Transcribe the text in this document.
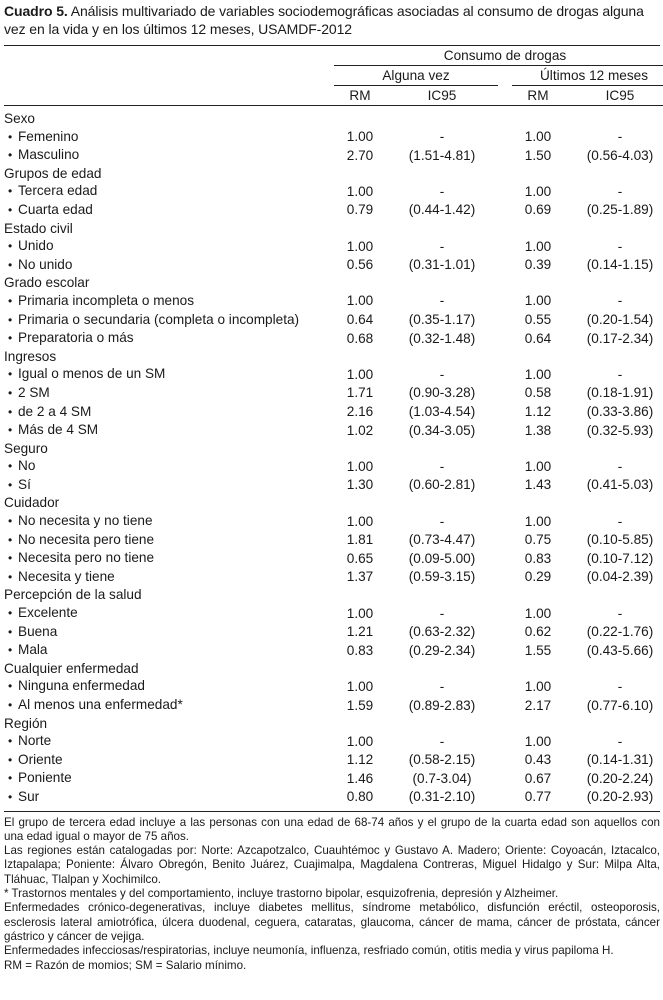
Cuadro 5. Análisis multivariado de variables sociodemográficas asociadas al consumo de drogas alguna vez en la vida y en los últimos 12 meses, USAMDF-2012

	Consumo de drogas				

	Alguna vez			Últimos 12 meses	

	RM	IC95		RM	IC95

Sexo					
• Femenino	1.00	-		1.00	-
• Masculino	2.70	(1.51-4.81)		1.50	(0.56-4.03)
Grupos de edad					
• Tercera edad	1.00	-		1.00	-
• Cuarta edad	0.79	(0.44-1.42)		0.69	(0.25-1.89)
Estado civil					
• Unido	1.00	-		1.00	-
• No unido	0.56	(0.31-1.01)		0.39	(0.14-1.15)
Grado escolar					
• Primaria incompleta o menos	1.00	-		1.00	-
• Primaria o secundaria (completa o incompleta)	0.64	(0.35-1.17)		0.55	(0.20-1.54)
• Preparatoria o más	0.68	(0.32-1.48)		0.64	(0.17-2.34)
Ingresos					
• Igual o menos de un SM	1.00	-		1.00	-
• 2 SM	1.71	(0.90-3.28)		0.58	(0.18-1.91)
• de 2 a 4 SM	2.16	(1.03-4.54)		1.12	(0.33-3.86)
• Más de 4 SM	1.02	(0.34-3.05)		1.38	(0.32-5.93)
Seguro					
• No	1.00	-		1.00	-
• Sí	1.30	(0.60-2.81)		1.43	(0.41-5.03)
Cuidador					
• No necesita y no tiene	1.00	-		1.00	-
• No necesita pero tiene	1.81	(0.73-4.47)		0.75	(0.10-5.85)
• Necesita pero no tiene	0.65	(0.09-5.00)		0.83	(0.10-7.12)
• Necesita y tiene	1.37	(0.59-3.15)		0.29	(0.04-2.39)
Percepción de la salud					
• Excelente	1.00	-		1.00	-
• Buena	1.21	(0.63-2.32)		0.62	(0.22-1.76)
• Mala	0.83	(0.29-2.34)		1.55	(0.43-5.66)
Cualquier enfermedad					
• Ninguna enfermedad	1.00	-		1.00	-
• Al menos una enfermedad*	1.59	(0.89-2.83)		2.17	(0.77-6.10)
Región					
• Norte	1.00	-		1.00	-
• Oriente	1.12	(0.58-2.15)		0.43	(0.14-1.31)
• Poniente	1.46	(0.7-3.04)		0.67	(0.20-2.24)
• Sur	0.80	(0.31-2.10)		0.77	(0.20-2.93)

El grupo de tercera edad incluye a las personas con una edad de 68-74 años y el grupo de la cuarta edad son aquellos con una edad igual o mayor de 75 años.

Las regiones están catalogadas por: Norte: Azcapotzalco, Cuauhtémoc y Gustavo A. Madero; Oriente: Coyoacán, Iztacalco, Iztapalapa; Poniente: Álvaro Obregón, Benito Juárez, Cuajimalpa, Magdalena Contreras, Miguel Hidalgo y Sur: Milpa Alta, Tláhuac, Tlalpan y Xochimilco.

* Trastornos mentales y del comportamiento, incluye trastorno bipolar, esquizofrenia, depresión y Alzheimer.

Enfermedades crónico-degenerativas, incluye diabetes mellitus, síndrome metabólico, disfunción eréctil, osteoporosis, esclerosis lateral amiotrófica, úlcera duodenal, ceguera, cataratas, glaucoma, cáncer de mama, cáncer de próstata, cáncer gástrico y cáncer de vejiga.

Enfermedades infecciosas/respiratorias, incluye neumonía, influenza, resfriado común, otitis media y virus papiloma H.

RM = Razón de momios; SM = Salario mínimo.
